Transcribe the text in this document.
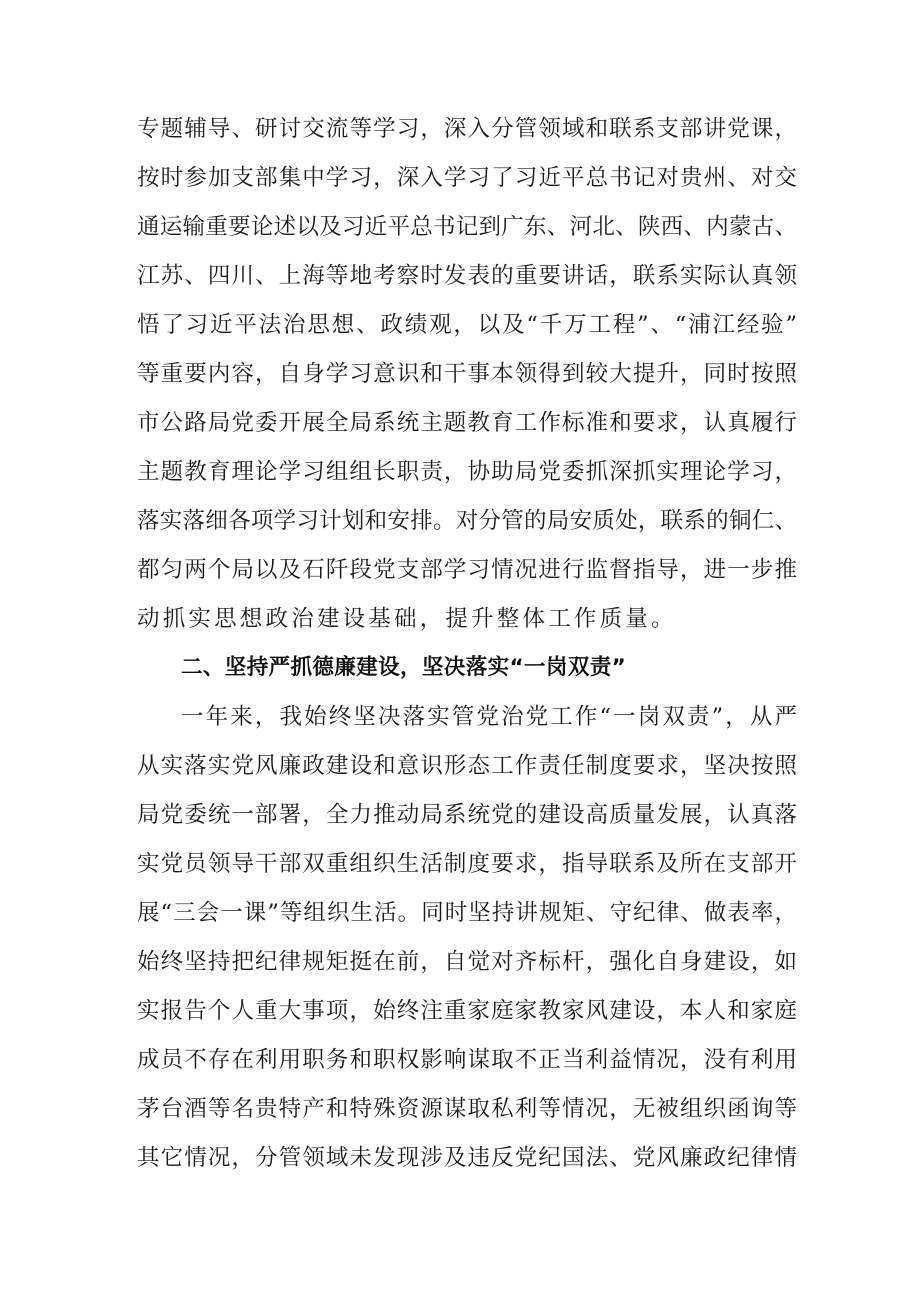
专题辅导、研讨交流等学习，深入分管领域和联系支部讲党课，
按时参加支部集中学习，深入学习了习近平总书记对贵州、对交
通运输重要论述以及习近平总书记到广东、河北、陕西、内蒙古、
江苏、四川、上海等地考察时发表的重要讲话，联系实际认真领
悟了习近平法治思想、政绩观，以及“千万工程”、“浦江经验”
等重要内容，自身学习意识和干事本领得到较大提升，同时按照
市公路局党委开展全局系统主题教育工作标准和要求，认真履行
主题教育理论学习组组长职责，协助局党委抓深抓实理论学习，
落实落细各项学习计划和安排。对分管的局安质处，联系的铜仁、
都匀两个局以及石阡段党支部学习情况进行监督指导，进一步推
动抓实思想政治建设基础，提升整体工作质量。
二、坚持严抓德廉建设，坚决落实“一岗双责”
一年来，我始终坚决落实管党治党工作“一岗双责”，从严
从实落实党风廉政建设和意识形态工作责任制度要求，坚决按照
局党委统一部署，全力推动局系统党的建设高质量发展，认真落
实党员领导干部双重组织生活制度要求，指导联系及所在支部开
展“三会一课”等组织生活。同时坚持讲规矩、守纪律、做表率，
始终坚持把纪律规矩挺在前，自觉对齐标杆，强化自身建设，如
实报告个人重大事项，始终注重家庭家教家风建设，本人和家庭
成员不存在利用职务和职权影响谋取不正当利益情况，没有利用
茅台酒等名贵特产和特殊资源谋取私利等情况，无被组织函询等
其它情况，分管领域未发现涉及违反党纪国法、党风廉政纪律情
